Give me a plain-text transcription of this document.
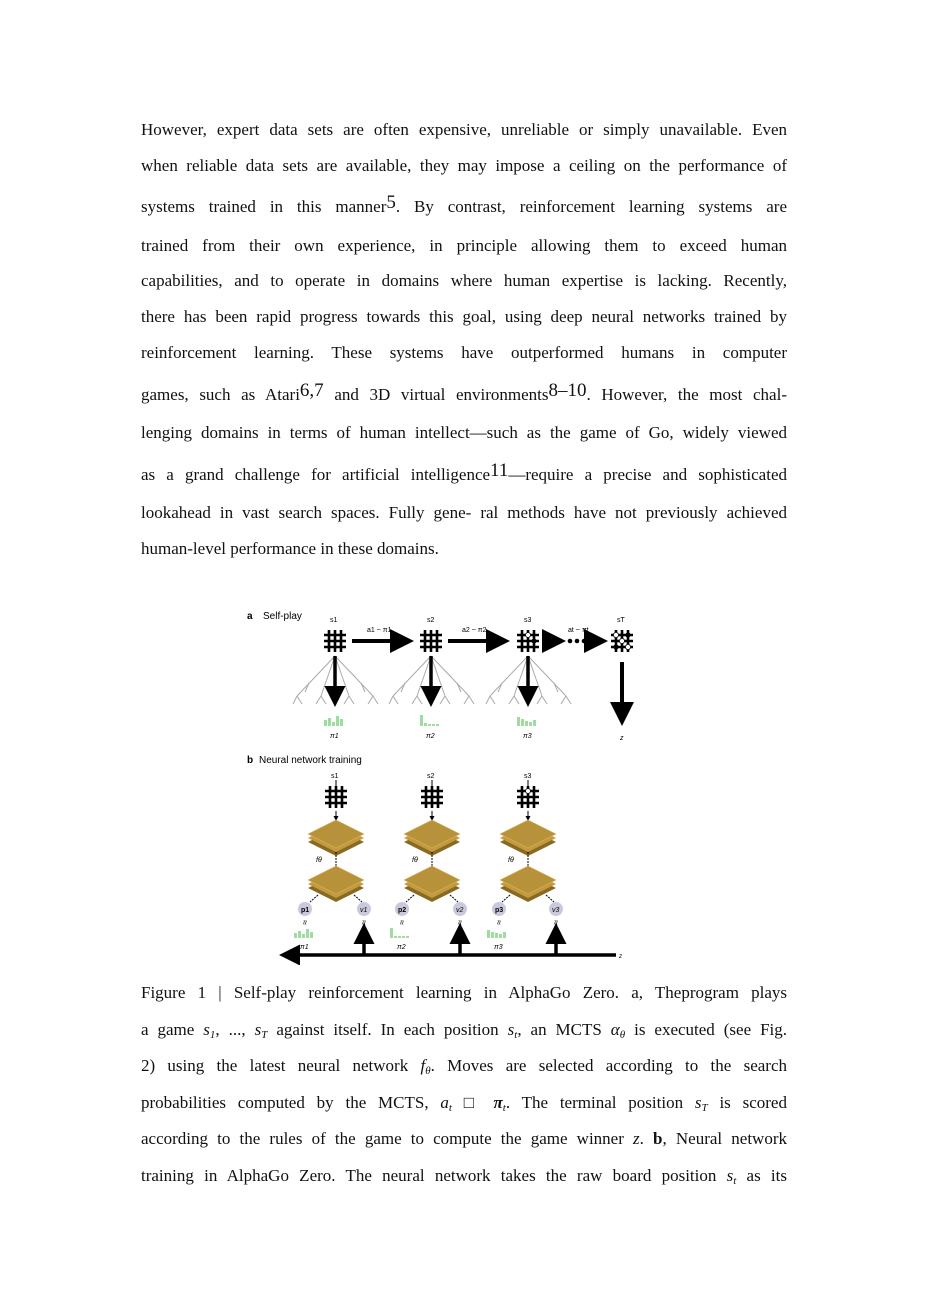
However, expert data sets are often expensive, unreliable or simply unavailable. Even
when reliable data sets are available, they may impose a ceiling on the performance of
systems trained in this manner$^5$. By contrast, reinforcement learning systems are
trained from their own experience, in principle allowing them to exceed human
capabilities, and to operate in domains where human expertise is lacking. Recently,
there has been rapid progress towards this goal, using deep neural networks trained by
reinforcement learning. These systems have outperformed humans in computer
games, such as Atari$^{6,7}$ and 3D virtual environments$^{8-10}$. However, the most chal-
lenging domains in terms of human intellect—such as the game of Go, widely viewed
as a grand challenge for artificial intelligence$^{11}$—require a precise and sophisticated
lookahead in vast search spaces. Fully gene- ral methods have not previously achieved
human-level performance in these domains.
a Self-play	s1	s2	s3	sT
a1 ~ π1	a2 ~ π2	at ~ πt
π1	π2	π3	z
b Neural network training
s1	s2	s3
fθ	fθ	fθ
p1	v1	p2	v2	p3	v3
≈	≈	≈	≈	≈	≈
π1	π2	π3
z
Figure 1 | Self-play reinforcement learning in AlphaGo Zero. a, Theprogram plays
a game $s_1$, ..., $s_T$ against itself. In each position $s_t$, an MCTS $\alpha_\theta$ is executed (see Fig.
2) using the latest neural network $f_\theta$. Moves are selected according to the search
probabilities computed by the MCTS, $a_t$ □ $\pi_t$. The terminal position $s_T$ is scored
according to the rules of the game to compute the game winner z. b, Neural network
training in AlphaGo Zero. The neural network takes the raw board position $s_t$ as its
